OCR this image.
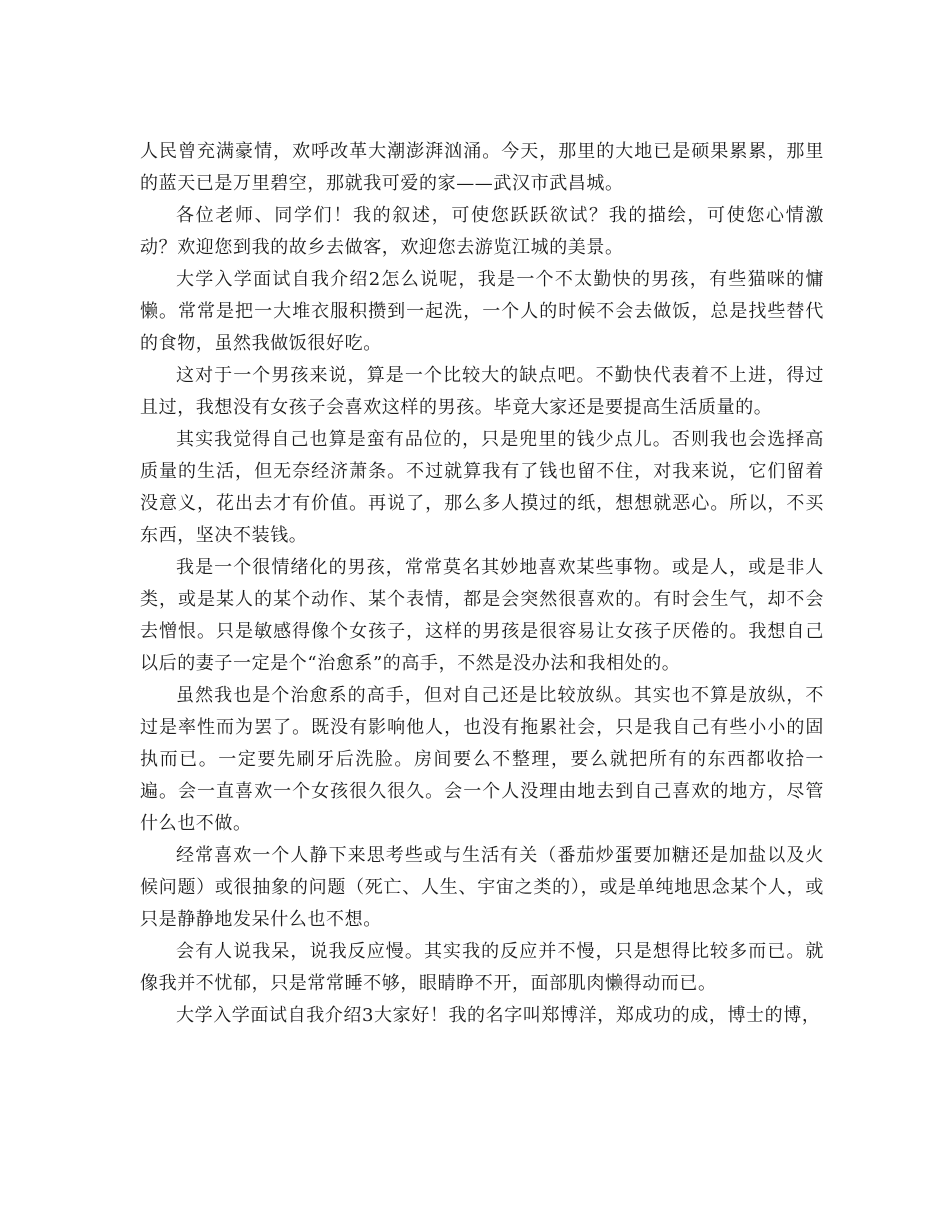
人民曾充满豪情，欢呼改革大潮澎湃汹涌。今天，那里的大地已是硕果累累，那里的蓝天已是万里碧空，那就我可爱的家——武汉市武昌城。

各位老师、同学们！我的叙述，可使您跃跃欲试？我的描绘，可使您心情激动？欢迎您到我的故乡去做客，欢迎您去游览江城的美景。

大学入学面试自我介绍2怎么说呢，我是一个不太勤快的男孩，有些猫咪的慵懒。常常是把一大堆衣服积攒到一起洗，一个人的时候不会去做饭，总是找些替代的食物，虽然我做饭很好吃。

这对于一个男孩来说，算是一个比较大的缺点吧。不勤快代表着不上进，得过且过，我想没有女孩子会喜欢这样的男孩。毕竟大家还是要提高生活质量的。

其实我觉得自己也算是蛮有品位的，只是兜里的钱少点儿。否则我也会选择高质量的生活，但无奈经济萧条。不过就算我有了钱也留不住，对我来说，它们留着没意义，花出去才有价值。再说了，那么多人摸过的纸，想想就恶心。所以，不买东西，坚决不装钱。

我是一个很情绪化的男孩，常常莫名其妙地喜欢某些事物。或是人，或是非人类，或是某人的某个动作、某个表情，都是会突然很喜欢的。有时会生气，却不会去憎恨。只是敏感得像个女孩子，这样的男孩是很容易让女孩子厌倦的。我想自己以后的妻子一定是个“治愈系”的高手，不然是没办法和我相处的。

虽然我也是个治愈系的高手，但对自己还是比较放纵。其实也不算是放纵，不过是率性而为罢了。既没有影响他人，也没有拖累社会，只是我自己有些小小的固执而已。一定要先刷牙后洗脸。房间要么不整理，要么就把所有的东西都收拾一遍。会一直喜欢一个女孩很久很久。会一个人没理由地去到自己喜欢的地方，尽管什么也不做。

经常喜欢一个人静下来思考些或与生活有关（番茄炒蛋要加糖还是加盐以及火候问题）或很抽象的问题（死亡、人生、宇宙之类的），或是单纯地思念某个人，或只是静静地发呆什么也不想。

会有人说我呆，说我反应慢。其实我的反应并不慢，只是想得比较多而已。就像我并不忧郁，只是常常睡不够，眼睛睁不开，面部肌肉懒得动而已。

大学入学面试自我介绍3大家好！我的名字叫郑博洋，郑成功的成，博士的博，
